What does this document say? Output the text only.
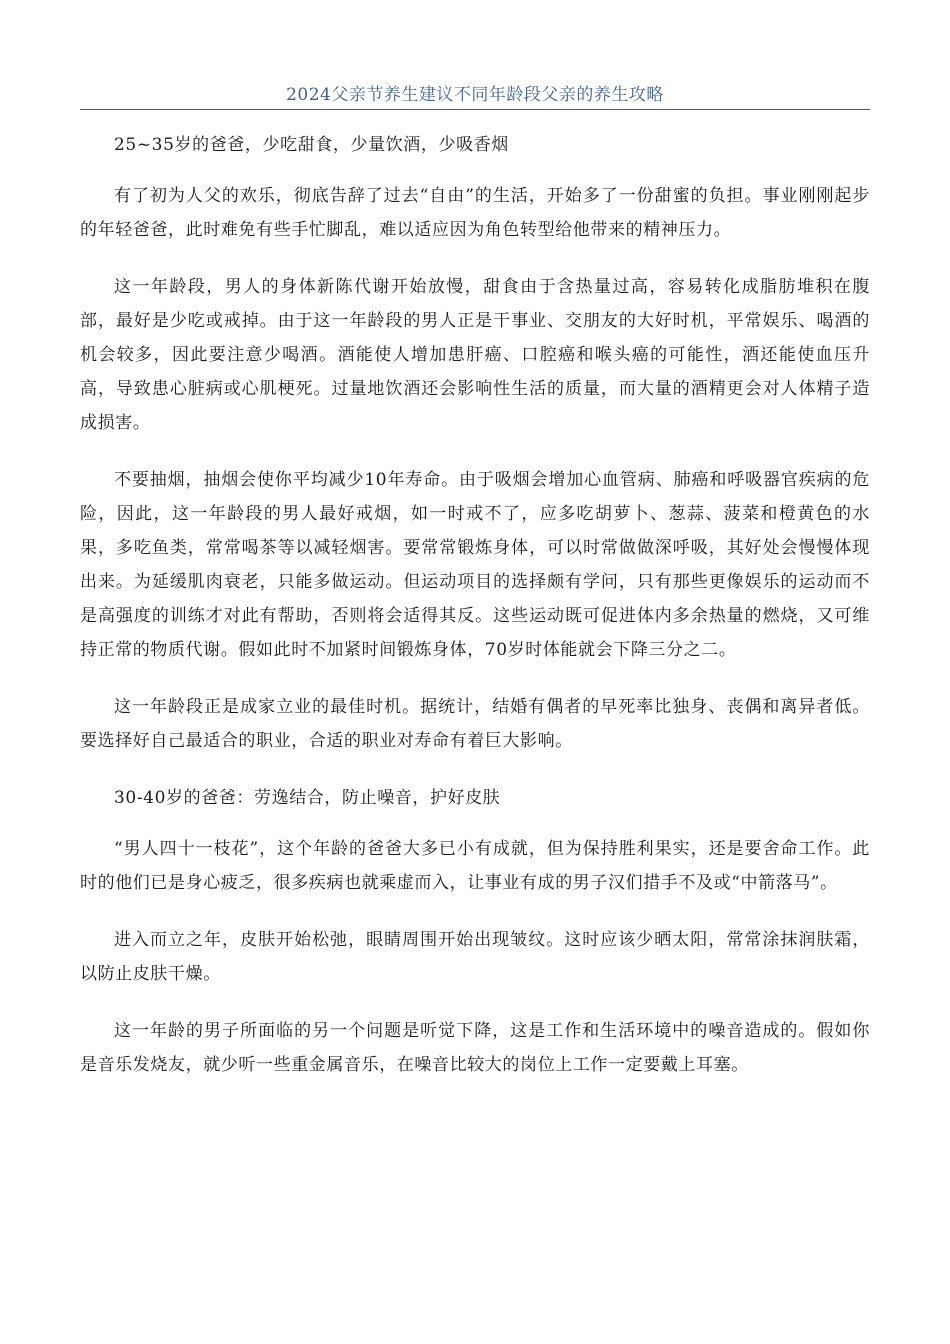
2024父亲节养生建议不同年龄段父亲的养生攻略

25~35岁的爸爸，少吃甜食，少量饮酒，少吸香烟

有了初为人父的欢乐，彻底告辞了过去“自由”的生活，开始多了一份甜蜜的负担。事业刚刚起步的年轻爸爸，此时难免有些手忙脚乱，难以适应因为角色转型给他带来的精神压力。

这一年龄段，男人的身体新陈代谢开始放慢，甜食由于含热量过高，容易转化成脂肪堆积在腹部，最好是少吃或戒掉。由于这一年龄段的男人正是干事业、交朋友的大好时机，平常娱乐、喝酒的机会较多，因此要注意少喝酒。酒能使人增加患肝癌、口腔癌和喉头癌的可能性，酒还能使血压升高，导致患心脏病或心肌梗死。过量地饮酒还会影响性生活的质量，而大量的酒精更会对人体精子造成损害。

不要抽烟，抽烟会使你平均减少10年寿命。由于吸烟会增加心血管病、肺癌和呼吸器官疾病的危险，因此，这一年龄段的男人最好戒烟，如一时戒不了，应多吃胡萝卜、葱蒜、菠菜和橙黄色的水果，多吃鱼类，常常喝茶等以减轻烟害。要常常锻炼身体，可以时常做做深呼吸，其好处会慢慢体现出来。为延缓肌肉衰老，只能多做运动。但运动项目的选择颇有学问，只有那些更像娱乐的运动而不是高强度的训练才对此有帮助，否则将会适得其反。这些运动既可促进体内多余热量的燃烧，又可维持正常的物质代谢。假如此时不加紧时间锻炼身体，70岁时体能就会下降三分之二。

这一年龄段正是成家立业的最佳时机。据统计，结婚有偶者的早死率比独身、丧偶和离异者低。要选择好自己最适合的职业，合适的职业对寿命有着巨大影响。

30-40岁的爸爸：劳逸结合，防止噪音，护好皮肤

“男人四十一枝花”，这个年龄的爸爸大多已小有成就，但为保持胜利果实，还是要舍命工作。此时的他们已是身心疲乏，很多疾病也就乘虚而入，让事业有成的男子汉们措手不及或“中箭落马”。

进入而立之年，皮肤开始松弛，眼睛周围开始出现皱纹。这时应该少晒太阳，常常涂抹润肤霜，以防止皮肤干燥。

这一年龄的男子所面临的另一个问题是听觉下降，这是工作和生活环境中的噪音造成的。假如你是音乐发烧友，就少听一些重金属音乐，在噪音比较大的岗位上工作一定要戴上耳塞。
